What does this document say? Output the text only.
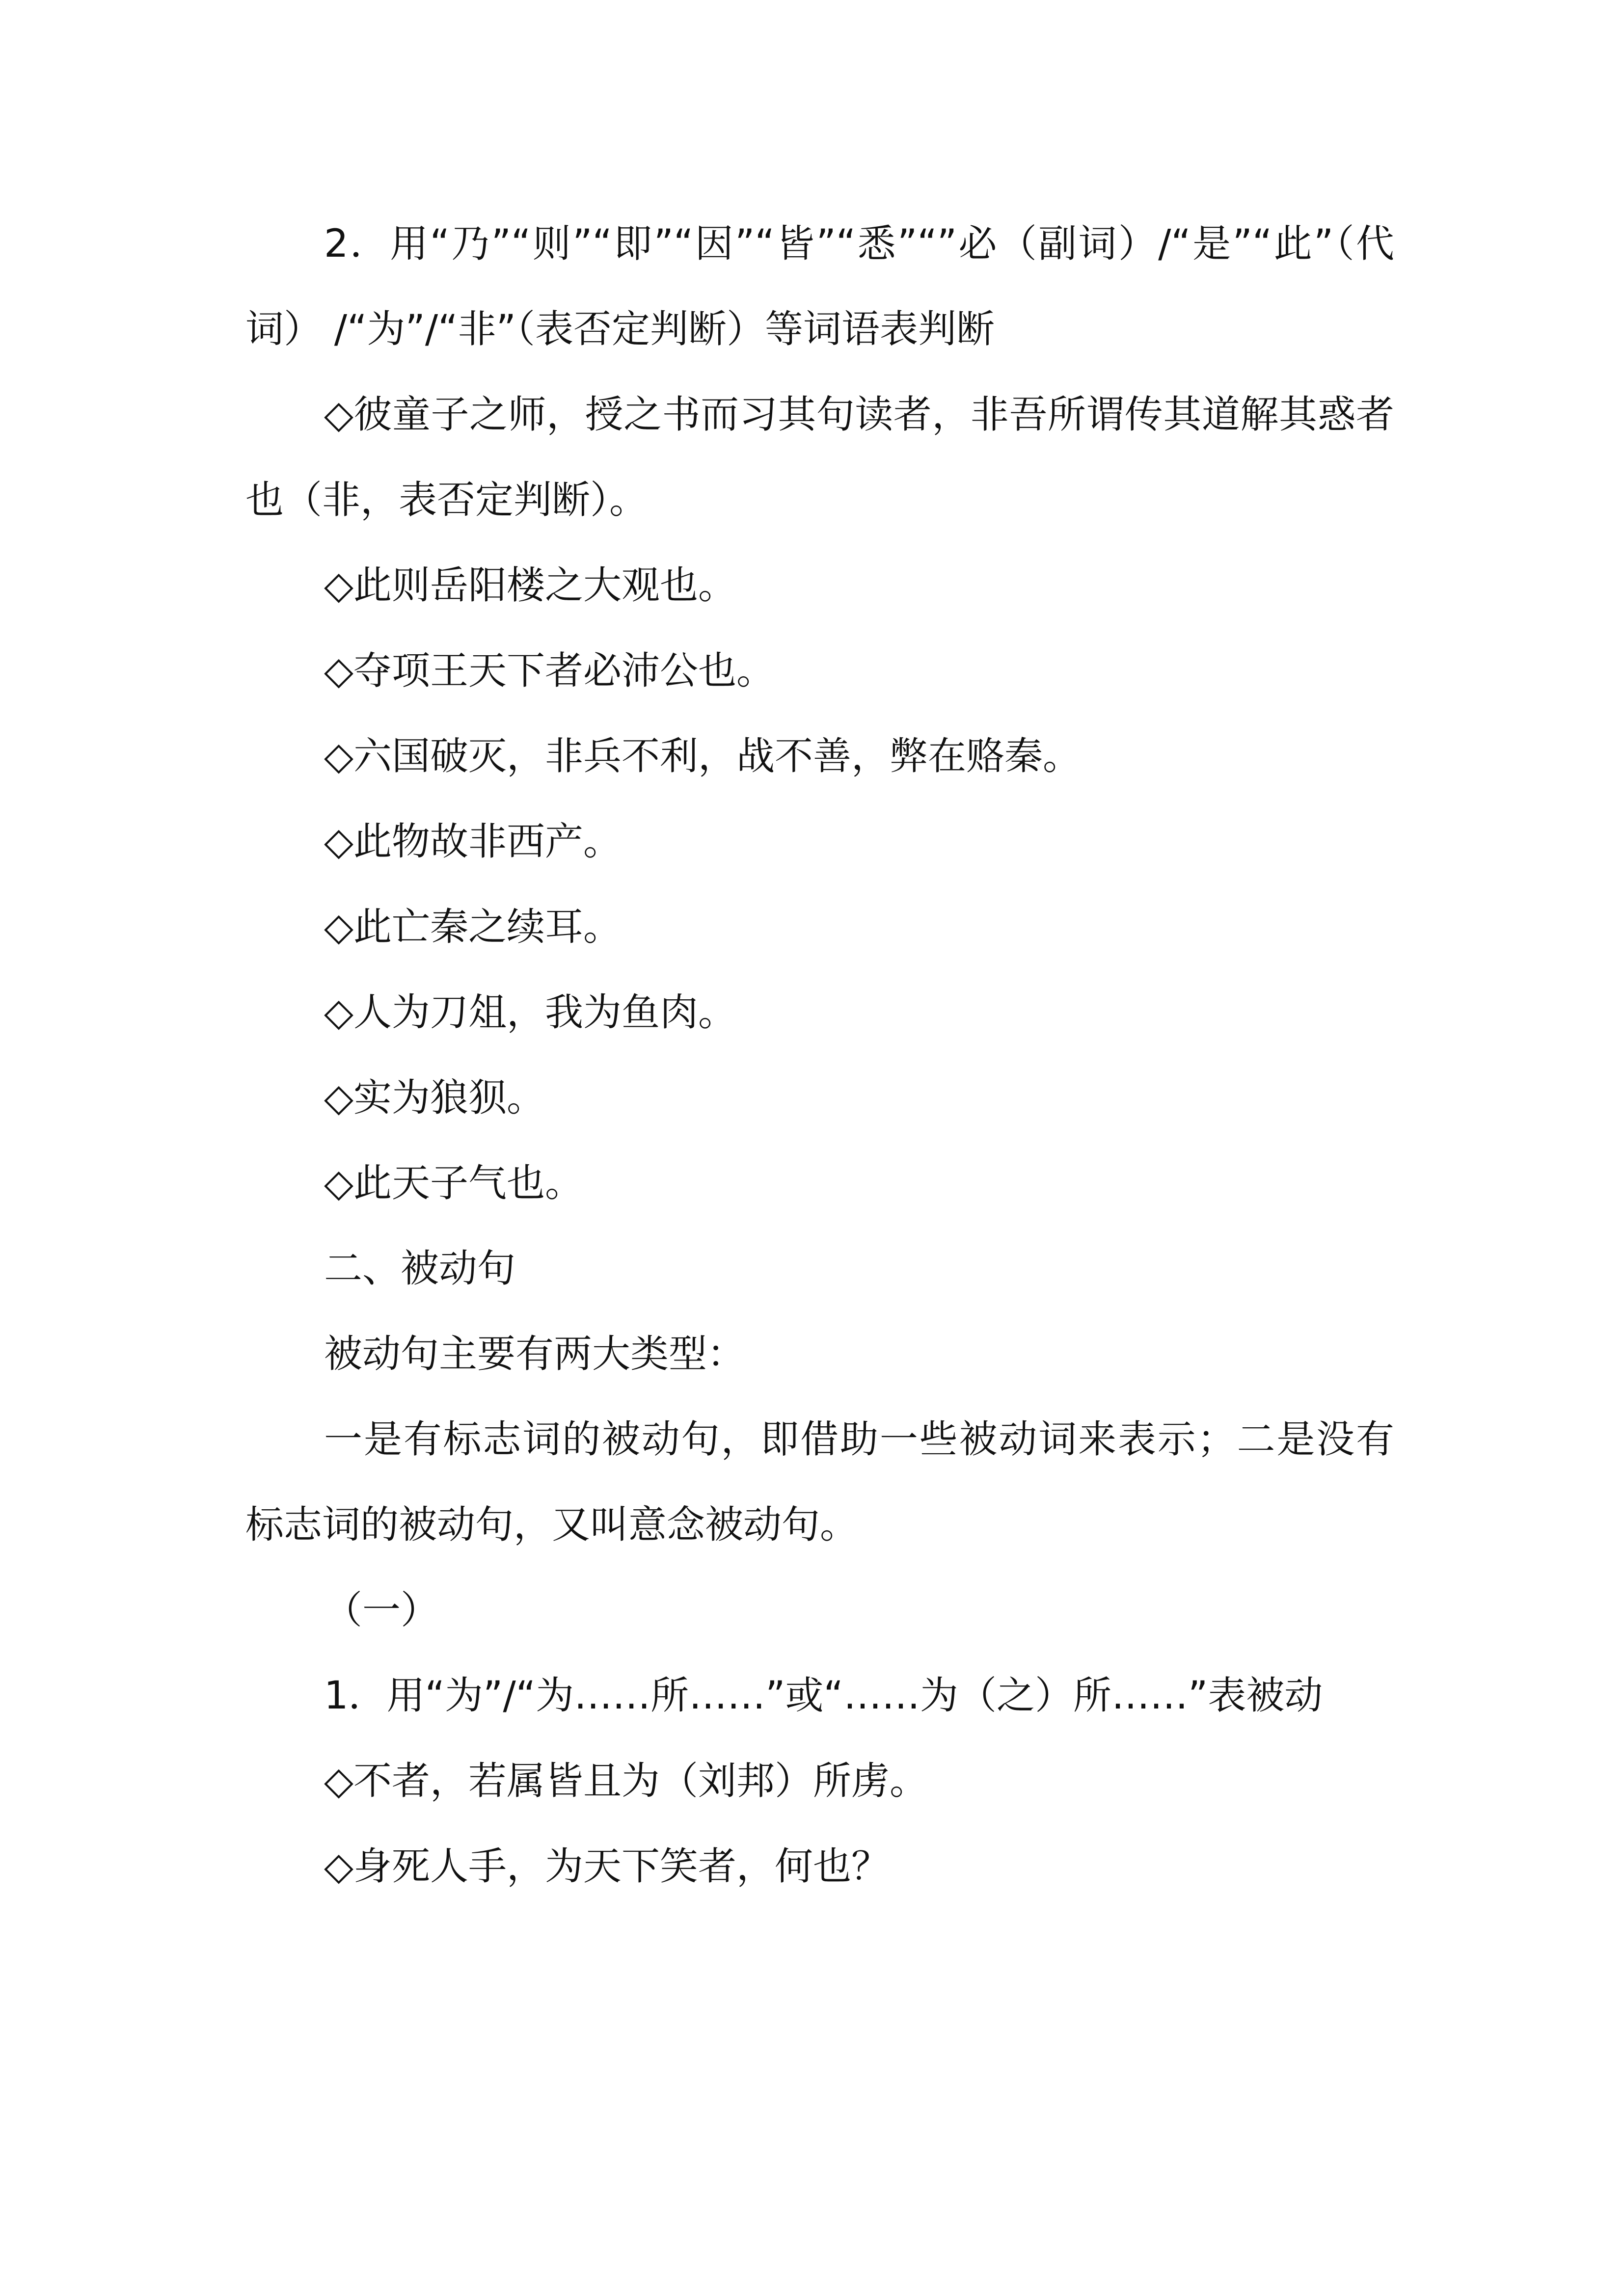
2．用“乃”“则”“即”“因”“皆”“悉”“”必（副词）/“是”“此”（代词） /“为”/“非”（表否定判断）等词语表判断

◇彼童子之师，授之书而习其句读者，非吾所谓传其道解其惑者也（非，表否定判断）。

◇此则岳阳楼之大观也。

◇夺项王天下者必沛公也。

◇六国破灭，非兵不利，战不善，弊在赂秦。

◇此物故非西产。

◇此亡秦之续耳。

◇人为刀俎，我为鱼肉。

◇实为狼狈。

◇此天子气也。

二、被动句

被动句主要有两大类型：

一是有标志词的被动句，即借助一些被动词来表示；二是没有标志词的被动句，又叫意念被动句。

（一）

1．用“为”/“为……所……”或“……为（之）所……”表被动

◇不者，若属皆且为（刘邦）所虏。

◇身死人手，为天下笑者，何也？
